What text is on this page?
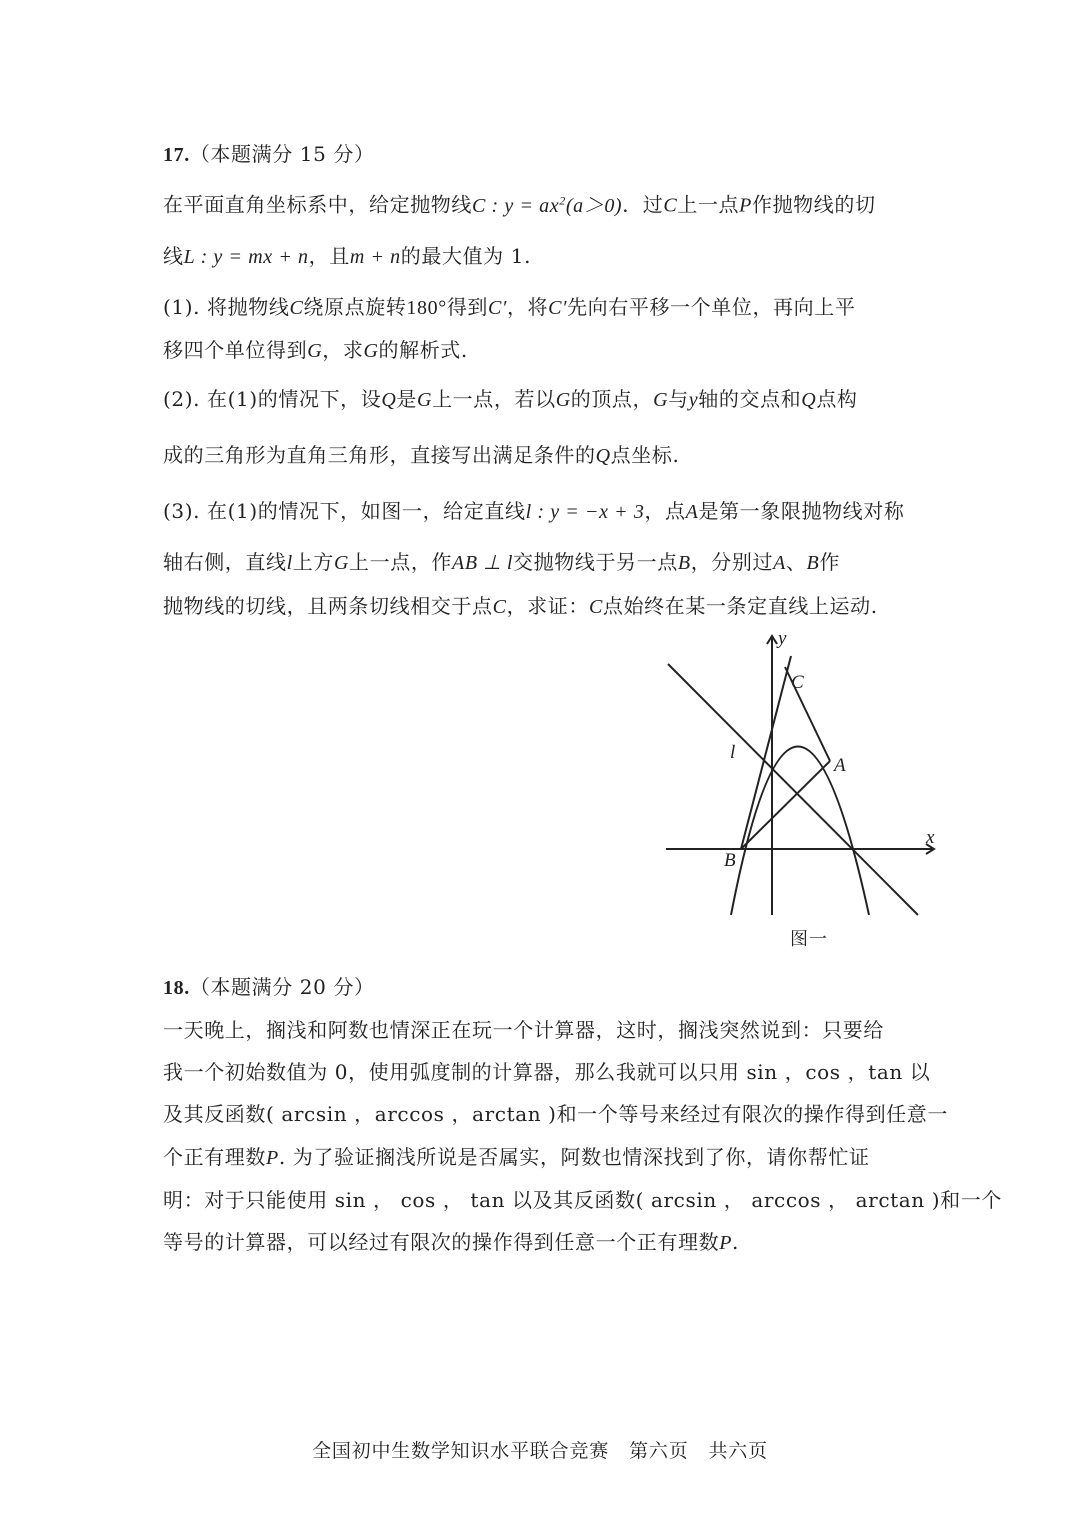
17.（本题满分 15 分）
在平面直角坐标系中，给定抛物线C : $y = ax^2(a>0)$．过C上一点P作抛物线的切
线L : y = mx + n，且m + n的最大值为 1.
(1). 将抛物线C绕原点旋转180°得到C′，将C′先向右平移一个单位，再向上平
移四个单位得到G，求G的解析式.
(2). 在(1)的情况下，设Q是G上一点，若以G的顶点，G与y轴的交点和Q点构
成的三角形为直角三角形，直接写出满足条件的Q点坐标.
(3). 在(1)的情况下，如图一，给定直线l : y = −x + 3，点A是第一象限抛物线对称
轴右侧，直线l上方G上一点，作AB ⊥ l交抛物线于另一点B，分别过A、B作
抛物线的切线，且两条切线相交于点C，求证：C点始终在某一条定直线上运动.
y
C
l
A
x
B
图一
18.（本题满分 20 分）
一天晚上，搁浅和阿数也情深正在玩一个计算器，这时，搁浅突然说到：只要给
我一个初始数值为 0，使用弧度制的计算器，那么我就可以只用 sin ，cos ，tan 以
及其反函数( arcsin ，arccos ，arctan )和一个等号来经过有限次的操作得到任意一
个正有理数P. 为了验证搁浅所说是否属实，阿数也情深找到了你，请你帮忙证
明：对于只能使用 sin ， cos ， tan 以及其反函数( arcsin ， arccos ， arctan )和一个
等号的计算器，可以经过有限次的操作得到任意一个正有理数P.
全国初中生数学知识水平联合竞赛 第六页 共六页
